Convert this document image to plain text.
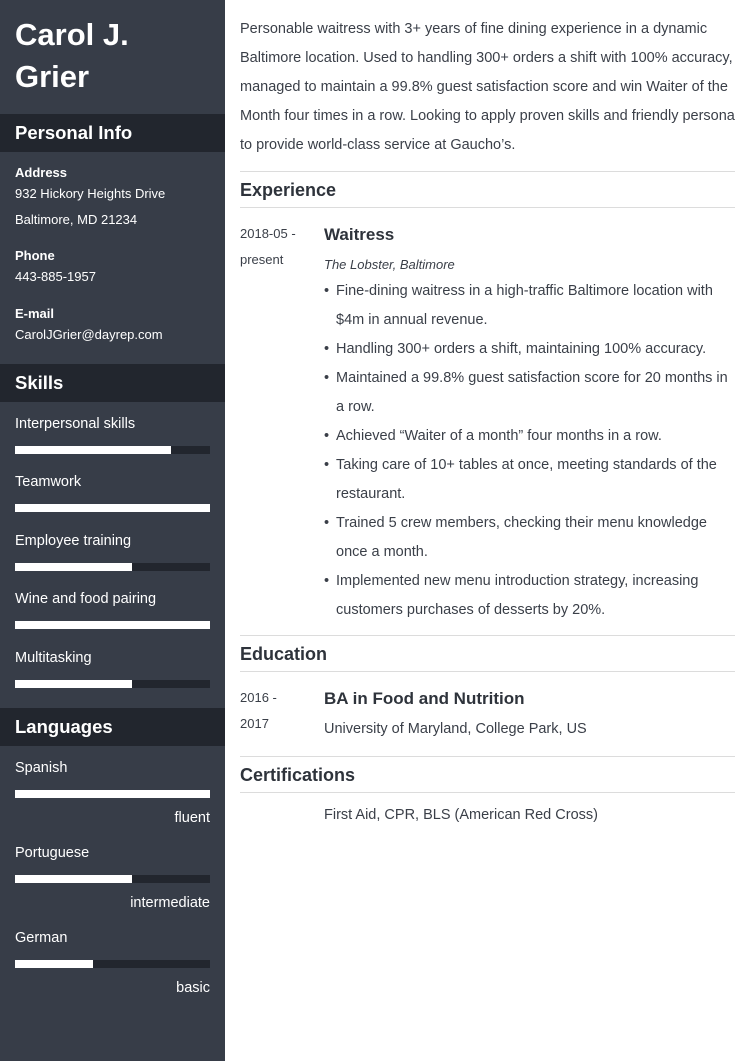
Carol J.
Grier
Personal Info

Address

932 Hickory Heights Drive

Baltimore, MD 21234

Phone

443-885-1957

E-mail

CarolJGrier@dayrep.com

Skills
Interpersonal skills
Teamwork
Employee training
Wine and food pairing
Multitasking
Languages
Spanish
fluent
Portuguese
intermediate
German
basic

Personable waitress with 3+ years of fine dining experience in a dynamic Baltimore location. Used to handling 300+ orders a shift with 100% accuracy, managed to maintain a 99.8% guest satisfaction score and win Waiter of the Month four times in a row. Looking to apply proven skills and friendly persona to provide world-class service at Gaucho’s.

Experience
2018-05 -
present
Waitress
The Lobster, Baltimore
• Fine-dining waitress in a high-traffic Baltimore location with $4m in annual revenue.
• Handling 300+ orders a shift, maintaining 100% accuracy.
• Maintained a 99.8% guest satisfaction score for 20 months in a row.
• Achieved “Waiter of a month” four months in a row.
• Taking care of 10+ tables at once, meeting standards of the restaurant.
• Trained 5 crew members, checking their menu knowledge once a month.
• Implemented new menu introduction strategy, increasing customers purchases of desserts by 20%.
Education
2016 -
2017
BA in Food and Nutrition
University of Maryland, College Park, US
Certifications
First Aid, CPR, BLS (American Red Cross)
